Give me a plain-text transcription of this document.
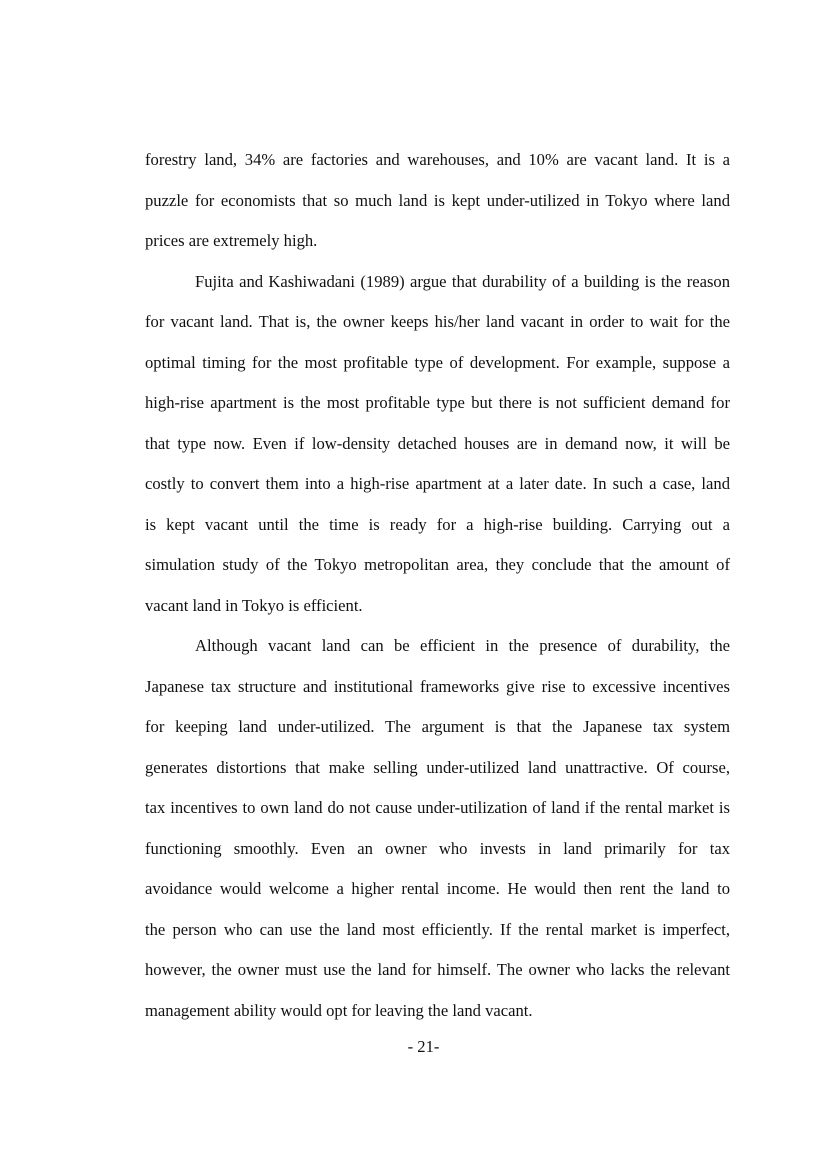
forestry land, 34% are factories and warehouses, and 10% are vacant land. It is a

puzzle for economists that so much land is kept under-utilized in Tokyo where land

prices are extremely high.

Fujita and Kashiwadani (1989) argue that durability of a building is the reason

for vacant land. That is, the owner keeps his/her land vacant in order to wait for the

optimal timing for the most profitable type of development. For example, suppose a

high-rise apartment is the most profitable type but there is not sufficient demand for

that type now. Even if low-density detached houses are in demand now, it will be

costly to convert them into a high-rise apartment at a later date. In such a case, land

is kept vacant until the time is ready for a high-rise building. Carrying out a

simulation study of the Tokyo metropolitan area, they conclude that the amount of

vacant land in Tokyo is efficient.

Although vacant land can be efficient in the presence of durability, the

Japanese tax structure and institutional frameworks give rise to excessive incentives

for keeping land under-utilized. The argument is that the Japanese tax system

generates distortions that make selling under-utilized land unattractive. Of course,

tax incentives to own land do not cause under-utilization of land if the rental market is

functioning smoothly. Even an owner who invests in land primarily for tax

avoidance would welcome a higher rental income. He would then rent the land to

the person who can use the land most efficiently. If the rental market is imperfect,

however, the owner must use the land for himself. The owner who lacks the relevant

management ability would opt for leaving the land vacant.

- 21-
